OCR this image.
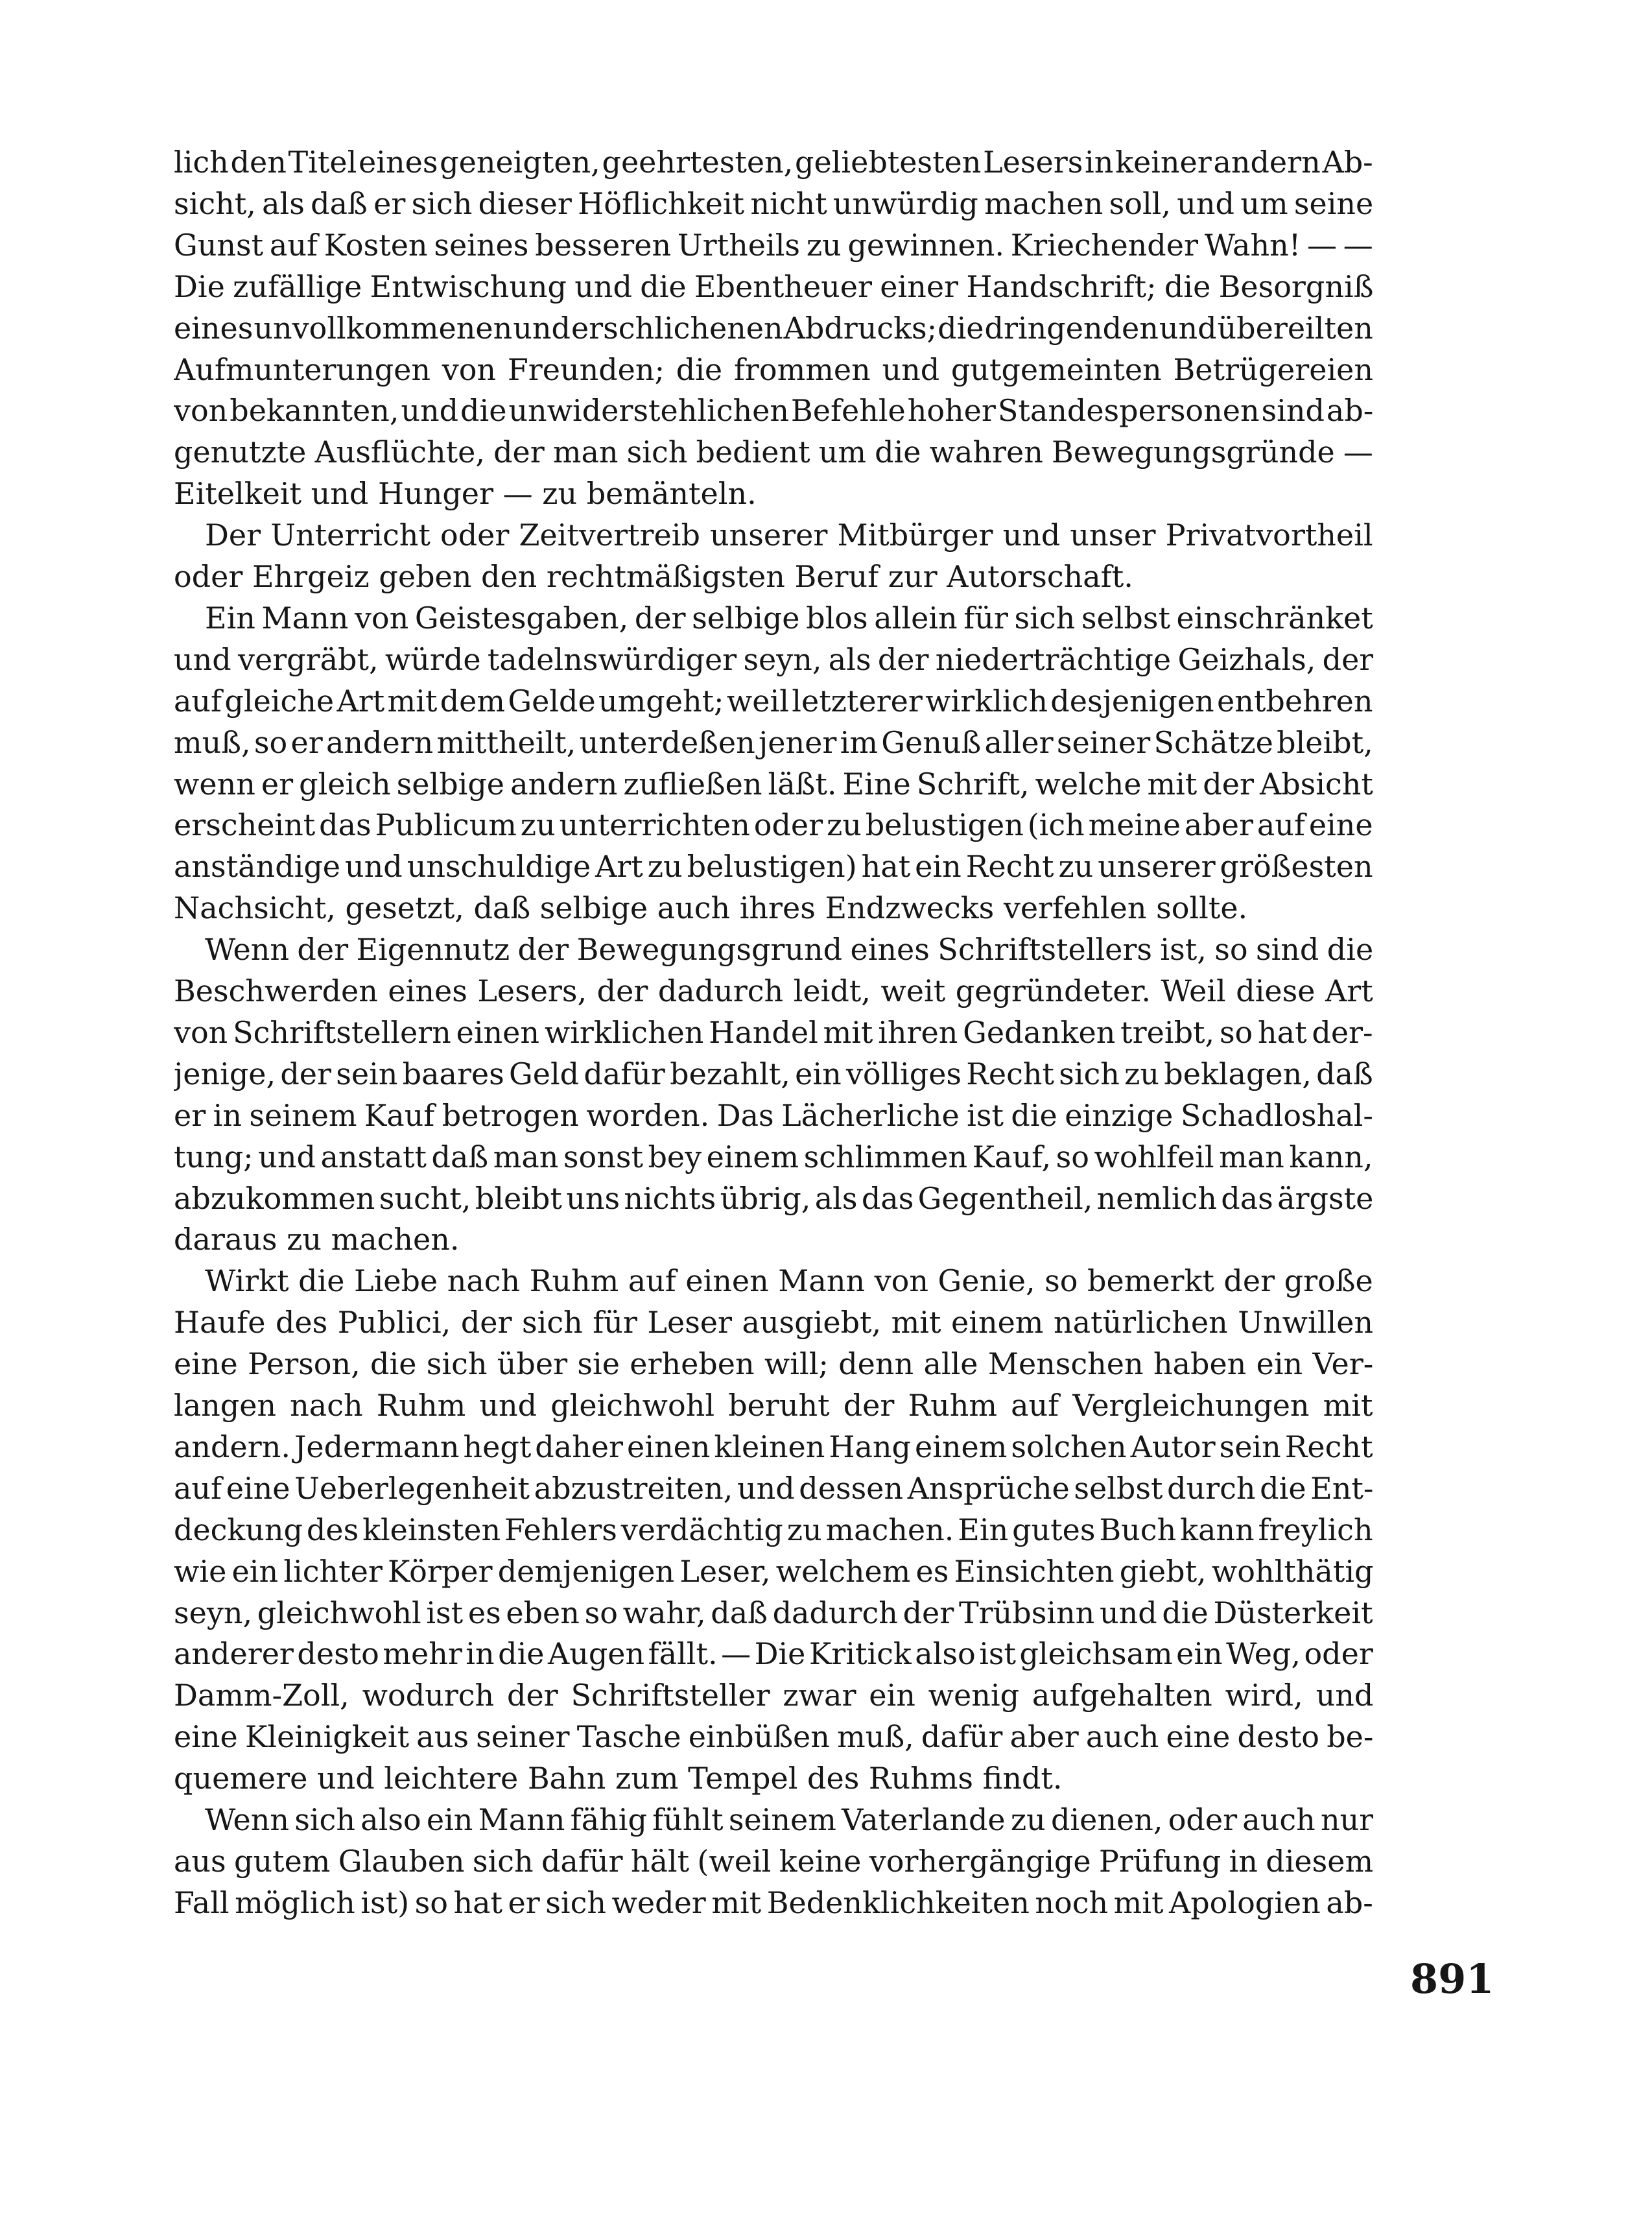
lich den Titel eines geneigten, geehrtesten, geliebtesten Lesers in keiner andern Ab-
sicht, als daß er sich dieser Höflichkeit nicht unwürdig machen soll, und um seine
Gunst auf Kosten seines besseren Urtheils zu gewinnen. Kriechender Wahn! — —
Die zufällige Entwischung und die Ebentheuer einer Handschrift; die Besorgniß
eines unvollkommenen und erschlichenen Abdrucks; die dringenden und übereilten
Aufmunterungen von Freunden; die frommen und gutgemeinten Betrügereien
von bekannten, und die unwiderstehlichen Befehle hoher Standespersonen sind ab-
genutzte Ausflüchte, der man sich bedient um die wahren Bewegungsgründe —
Eitelkeit und Hunger — zu bemänteln.
Der Unterricht oder Zeitvertreib unserer Mitbürger und unser Privatvortheil
oder Ehrgeiz geben den rechtmäßigsten Beruf zur Autorschaft.
Ein Mann von Geistesgaben, der selbige blos allein für sich selbst einschränket
und vergräbt, würde tadelnswürdiger seyn, als der niederträchtige Geizhals, der
auf gleiche Art mit dem Gelde umgeht; weil letzterer wirklich desjenigen entbehren
muß, so er andern mittheilt, unterdeßen jener im Genuß aller seiner Schätze bleibt,
wenn er gleich selbige andern zufließen läßt. Eine Schrift, welche mit der Absicht
erscheint das Publicum zu unterrichten oder zu belustigen (ich meine aber auf eine
anständige und unschuldige Art zu belustigen) hat ein Recht zu unserer größesten
Nachsicht, gesetzt, daß selbige auch ihres Endzwecks verfehlen sollte.
Wenn der Eigennutz der Bewegungsgrund eines Schriftstellers ist, so sind die
Beschwerden eines Lesers, der dadurch leidt, weit gegründeter. Weil diese Art
von Schriftstellern einen wirklichen Handel mit ihren Gedanken treibt, so hat der-
jenige, der sein baares Geld dafür bezahlt, ein völliges Recht sich zu beklagen, daß
er in seinem Kauf betrogen worden. Das Lächerliche ist die einzige Schadloshal-
tung; und anstatt daß man sonst bey einem schlimmen Kauf, so wohlfeil man kann,
abzukommen sucht, bleibt uns nichts übrig, als das Gegentheil, nemlich das ärgste
daraus zu machen.
Wirkt die Liebe nach Ruhm auf einen Mann von Genie, so bemerkt der große
Haufe des Publici, der sich für Leser ausgiebt, mit einem natürlichen Unwillen
eine Person, die sich über sie erheben will; denn alle Menschen haben ein Ver-
langen nach Ruhm und gleichwohl beruht der Ruhm auf Vergleichungen mit
andern. Jedermann hegt daher einen kleinen Hang einem solchen Autor sein Recht
auf eine Ueberlegenheit abzustreiten, und dessen Ansprüche selbst durch die Ent-
deckung des kleinsten Fehlers verdächtig zu machen. Ein gutes Buch kann freylich
wie ein lichter Körper demjenigen Leser, welchem es Einsichten giebt, wohlthätig
seyn, gleichwohl ist es eben so wahr, daß dadurch der Trübsinn und die Düsterkeit
anderer desto mehr in die Augen fällt. — Die Kritick also ist gleichsam ein Weg, oder
Damm-Zoll, wodurch der Schriftsteller zwar ein wenig aufgehalten wird, und
eine Kleinigkeit aus seiner Tasche einbüßen muß, dafür aber auch eine desto be-
quemere und leichtere Bahn zum Tempel des Ruhms findt.
Wenn sich also ein Mann fähig fühlt seinem Vaterlande zu dienen, oder auch nur
aus gutem Glauben sich dafür hält (weil keine vorhergängige Prüfung in diesem
Fall möglich ist) so hat er sich weder mit Bedenklichkeiten noch mit Apologien ab-
891
